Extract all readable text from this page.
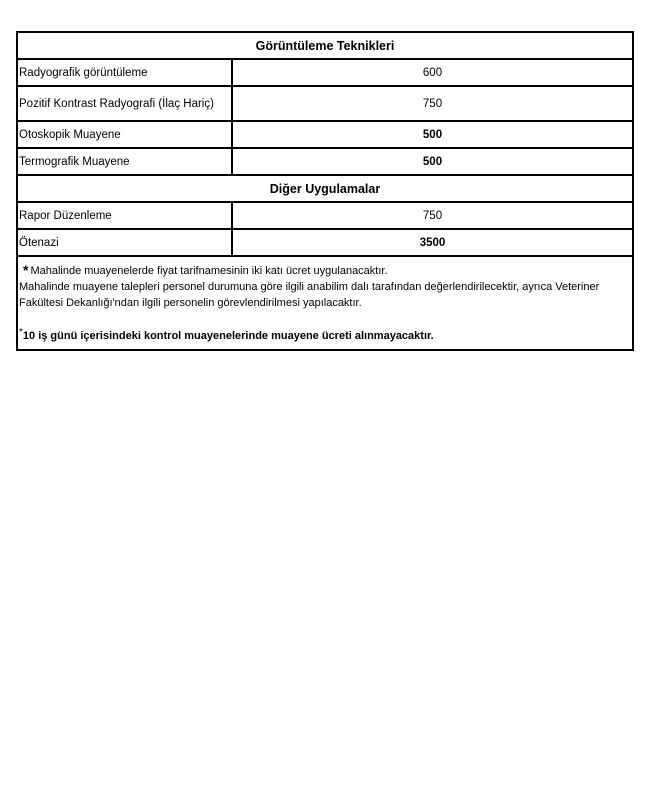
Görüntüleme Teknikleri
Radyografik görüntüleme	600
Pozitif Kontrast Radyografi (İlaç Hariç)	750
Otoskopik Muayene	500
Termografik Muayene	500
Diğer Uygulamalar
Rapor Düzenleme	750
Ötenazi	3500
* Mahalinde muayenelerde fiyat tarifnamesinin iki katı ücret uygulanacaktır.
Mahalinde muayene talepleri personel durumuna göre ilgili anabilim dalı tarafından değerlendirilecektir, ayrıca Veteriner Fakültesi Dekanlığı'ndan ilgili personelin görevlendirilmesi yapılacaktır.
*10 iş günü içerisindeki kontrol muayenelerinde muayene ücreti alınmayacaktır.
